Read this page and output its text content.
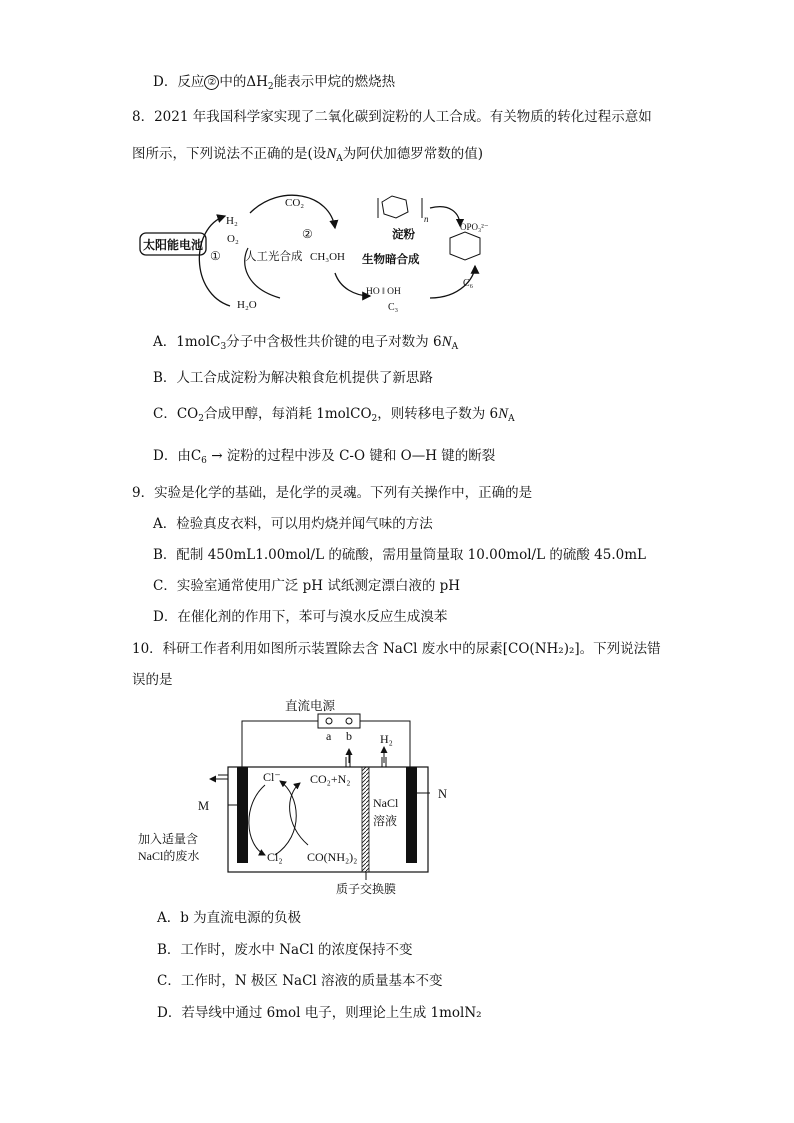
D．反应 ② 中的$\Delta H_2$能表示甲烷的燃烧热
8．2021 年我国科学家实现了二氧化碳到淀粉的人工合成。有关物质的转化过程示意如
图所示，下列说法不正确的是(设$N_A$为阿伏加德罗常数的值)
太阳能电池
H₂
O₂
①
CO₂
②
人工光合成 CH₃OH
H₂O
n
淀粉
生物暗合成
OPO₃²⁻
C₆
HO ‖ OH
C₃
A．1molC$_3$分子中含极性共价键的电子对数为 $6N_A$
B．人工合成淀粉为解决粮食危机提供了新思路
C．$CO_2$合成甲醇，每消耗 1molCO$_2$，则转移电子数为 $6N_A$
D．由$C_6$ → 淀粉的过程中涉及 C-O 键和 O—H 键的断裂
9．实验是化学的基础，是化学的灵魂。下列有关操作中，正确的是
A．检验真皮衣料，可以用灼烧并闻气味的方法
B．配制 450mL1.00mol/L 的硫酸，需用量筒量取 10.00mol/L 的硫酸 45.0mL
C．实验室通常使用广泛 pH 试纸测定漂白液的 pH
D．在催化剂的作用下，苯可与溴水反应生成溴苯
10．科研工作者利用如图所示装置除去含 NaCl 废水中的尿素[CO(NH₂)₂]。下列说法错
误的是
直流电源
a b H₂
M
N
Cl⁻ CO₂+N₂
Cl₂ CO(NH₂)₂
NaCl
溶液
加入适量含
NaCl的废水
质子交换膜
A．b 为直流电源的负极
B．工作时，废水中 NaCl 的浓度保持不变
C．工作时，N 极区 NaCl 溶液的质量基本不变
D．若导线中通过 6mol 电子，则理论上生成 1molN₂
